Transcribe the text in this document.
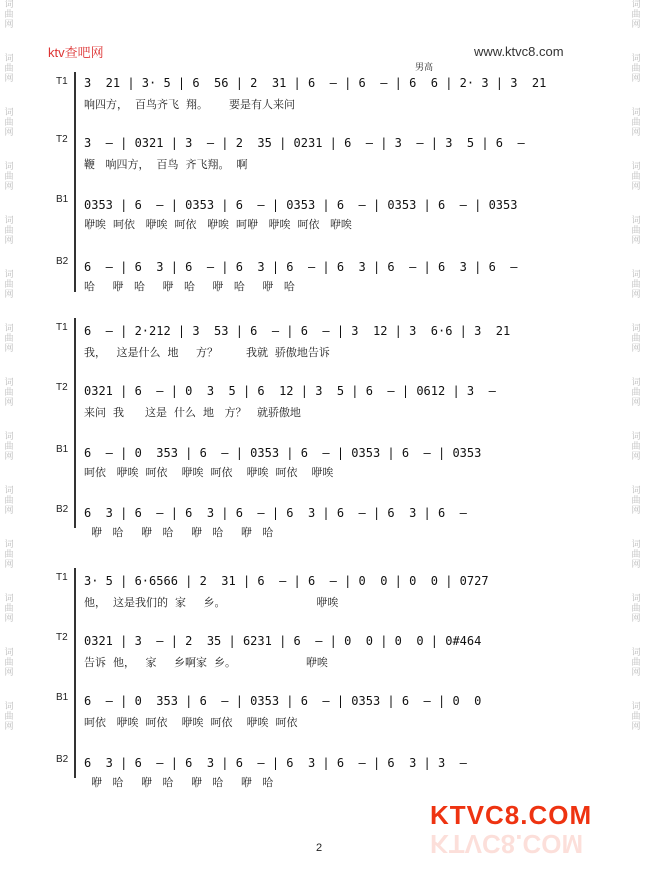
词曲网
词曲网
词曲网
词曲网
词曲网
词曲网
词曲网
词曲网
词曲网
词曲网
词曲网
词曲网
词曲网
词曲网
词曲网
词曲网
词曲网
词曲网
词曲网
词曲网
词曲网
词曲网
词曲网
词曲网
词曲网
词曲网
词曲网
词曲网
ktv查吧网	www.ktvc8.com
男高
T1 3  21 | 3· 5 | 6  56 | 2  31 | 6  — | 6  — | 6  6 | 2· 3 | 3  21
响四方，  百鸟齐飞  翔。      要是有人来问
T2 3  — | 0321 | 3  — | 2  35 | 0231 | 6  — | 3  — | 3  5 | 6  —
鞭   响四方，  百鸟  齐飞翔。  啊
B1 0353 | 6  — | 0353 | 6  — | 0353 | 6  — | 0353 | 6  — | 0353
咿唉  呵依   咿唉  呵依   咿唉  呵咿   咿唉  呵依   咿唉
B2 6  — | 6  3 | 6  — | 6  3 | 6  — | 6  3 | 6  — | 6  3 | 6  —
哈     咿   哈     咿   哈     咿   哈     咿   哈
T1 6  — | 2·212 | 3  53 | 6  — | 6  — | 3  12 | 3  6·6 | 3  21
我，   这是什么  地     方？        我就  骄傲地告诉
T2 0321 | 6  — | 0  3  5 | 6  12 | 3  5 | 6  — | 0612 | 3  —
来问  我      这是  什么  地   方？   就骄傲地
B1 6  — | 0  353 | 6  — | 0353 | 6  — | 0353 | 6  — | 0353
呵依   咿唉  呵依    咿唉  呵依    咿唉  呵依    咿唉
B2 6  3 | 6  — | 6  3 | 6  — | 6  3 | 6  — | 6  3 | 6  —
咿   哈     咿   哈     咿   哈     咿   哈
T1 3· 5 | 6·6566 | 2  31 | 6  — | 6  — | 0  0 | 0  0 | 0727
他，  这是我们的  家     乡。                          咿唉
T2 0321 | 3  — | 2  35 | 6231 | 6  — | 0  0 | 0  0 | 0#464
告诉  他，   家     乡啊家  乡。                    咿唉
B1 6  — | 0  353 | 6  — | 0353 | 6  — | 0353 | 6  — | 0  0
呵依   咿唉  呵依    咿唉  呵依    咿唉  呵依
B2 6  3 | 6  — | 6  3 | 6  — | 6  3 | 6  — | 6  3 | 3  —
咿   哈     咿   哈     咿   哈     咿   哈
KTVC8.COM
KTVC8.COM
2
